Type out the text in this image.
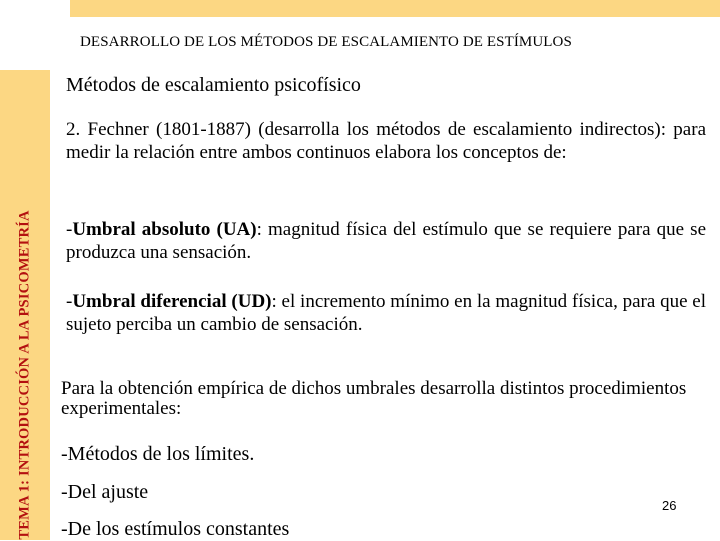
DESARROLLO DE LOS MÉTODOS DE ESCALAMIENTO DE ESTÍMULOS
TEMA 1: INTRODUCCIÓN A LA PSICOMETRÍA
Métodos de escalamiento psicofísico
2. Fechner (1801-1887) (desarrolla los métodos de escalamiento indirectos): para medir la relación entre ambos continuos elabora los conceptos de:
-Umbral absoluto (UA): magnitud física del estímulo que se requiere para que se produzca una sensación.
-Umbral diferencial (UD): el incremento mínimo en la magnitud física, para que el sujeto perciba un cambio de sensación.
Para la obtención empírica de dichos umbrales desarrolla distintos procedimientos experimentales:
-Métodos de los límites.
-Del ajuste
-De los estímulos constantes
26
